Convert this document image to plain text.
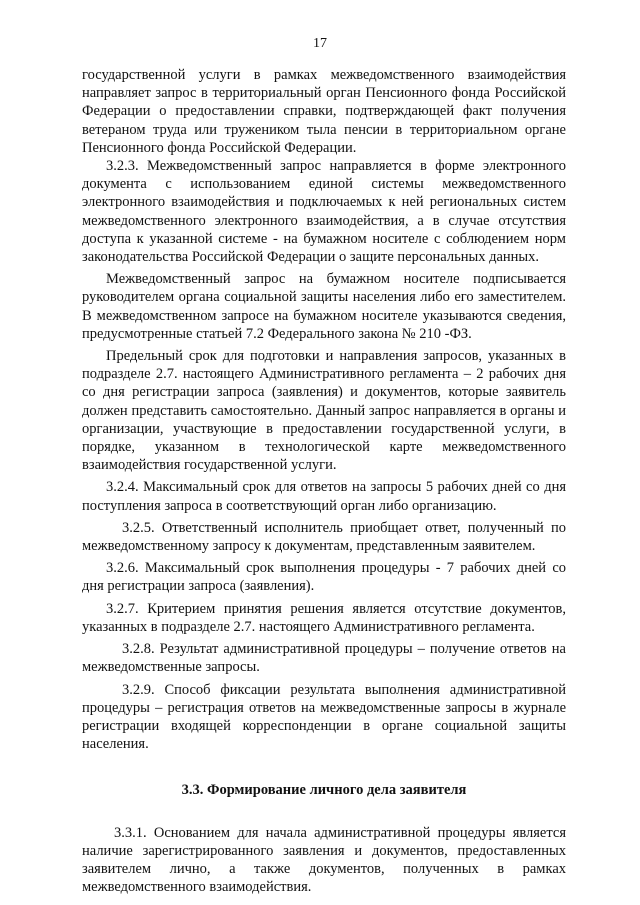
17

государственной услуги в рамках межведомственного взаимодействия направляет запрос в территориальный орган Пенсионного фонда Российской Федерации о предоставлении справки, подтверждающей факт получения ветераном труда или тружеником тыла пенсии в территориальном органе Пенсионного фонда Российской Федерации.

3.2.3. Межведомственный запрос направляется в форме электронного документа с использованием единой системы межведомственного электронного взаимодействия и подключаемых к ней региональных систем межведомственного электронного взаимодействия, а в случае отсутствия доступа к указанной системе - на бумажном носителе с соблюдением норм законодательства Российской Федерации о защите персональных данных.

Межведомственный запрос на бумажном носителе подписывается руководителем органа социальной защиты населения либо его заместителем. В межведомственном запросе на бумажном носителе указываются сведения, предусмотренные статьей 7.2 Федерального закона № 210 -ФЗ.

Предельный срок для подготовки и направления запросов, указанных в подразделе 2.7. настоящего Административного регламента – 2 рабочих дня со дня регистрации запроса (заявления) и документов, которые заявитель должен представить самостоятельно. Данный запрос направляется в органы и организации, участвующие в предоставлении государственной услуги, в порядке, указанном в технологической карте межведомственного взаимодействия государственной услуги.

3.2.4. Максимальный срок для ответов на запросы 5 рабочих дней со дня поступления запроса в соответствующий орган либо организацию.

3.2.5. Ответственный исполнитель приобщает ответ, полученный по межведомственному запросу к документам, представленным заявителем.

3.2.6. Максимальный срок выполнения процедуры - 7 рабочих дней со дня регистрации запроса (заявления).

3.2.7. Критерием принятия решения является отсутствие документов, указанных в подразделе 2.7. настоящего Административного регламента.

3.2.8. Результат административной процедуры – получение ответов на межведомственные запросы.

3.2.9. Способ фиксации результата выполнения административной процедуры – регистрация ответов на межведомственные запросы в журнале регистрации входящей корреспонденции в органе социальной защиты населения.

3.3. Формирование личного дела заявителя

3.3.1. Основанием для начала административной процедуры является наличие зарегистрированного заявления и документов, предоставленных заявителем лично, а также документов, полученных в рамках межведомственного взаимодействия.
